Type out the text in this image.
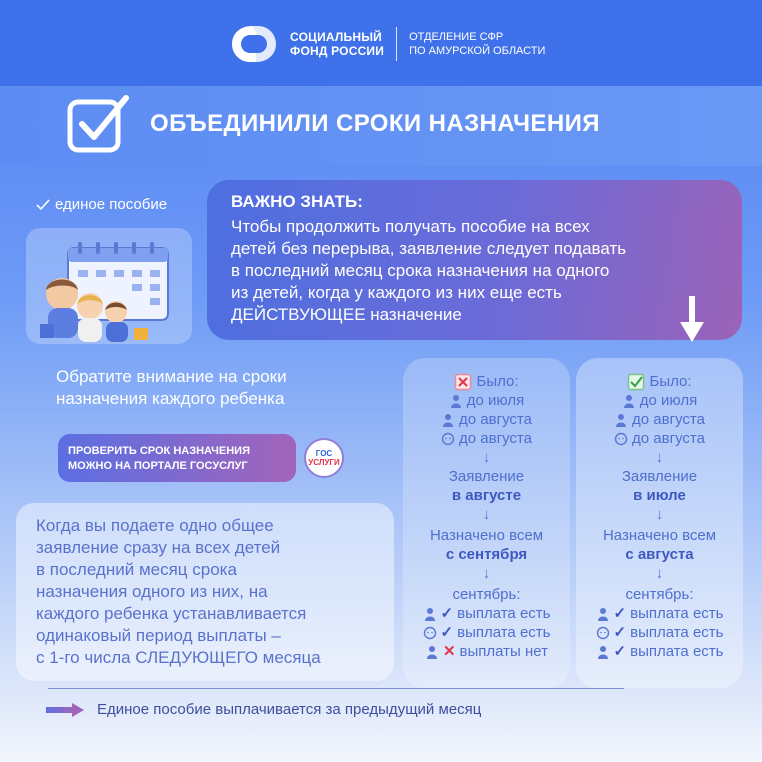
СОЦИАЛЬНЫЙ
ФОНД РОССИИ
ОТДЕЛЕНИЕ СФР
ПО АМУРСКОЙ ОБЛАСТИ
ОБЪЕДИНИЛИ СРОКИ НАЗНАЧЕНИЯ
единое пособие	ВАЖНО ЗНАТЬ:
Чтобы продолжить получать пособие на всех
детей без перерыва, заявление следует подавать
в последний месяц срока назначения на одного
из детей, когда у каждого из них еще есть
ДЕЙСТВУЮЩЕЕ назначение
Обратите внимание на сроки
назначения каждого ребенка
ПРОВЕРИТЬ СРОК НАЗНАЧЕНИЯ
МОЖНО НА ПОРТАЛЕ ГОСУСЛУГ
ГОС
УСЛУГИ
Когда вы подаете одно общее
заявление сразу на всех детей
в последний месяц срока
назначения одного из них, на
каждого ребенка устанавливается
одинаковый период выплаты –
с 1-го числа СЛЕДУЮЩЕГО месяца
Было:
до июля
до августа
до августа
↓
Заявление
в августе
↓
Назначено всем
с сентября
↓
сентябрь:
✓ выплата есть
✓ выплата есть
✕ выплаты нет
Было:
до июля
до августа
до августа
↓
Заявление
в июле
↓
Назначено всем
с августа
↓
сентябрь:
✓ выплата есть
✓ выплата есть
✓ выплата есть
Единое пособие выплачивается за предыдущий месяц
